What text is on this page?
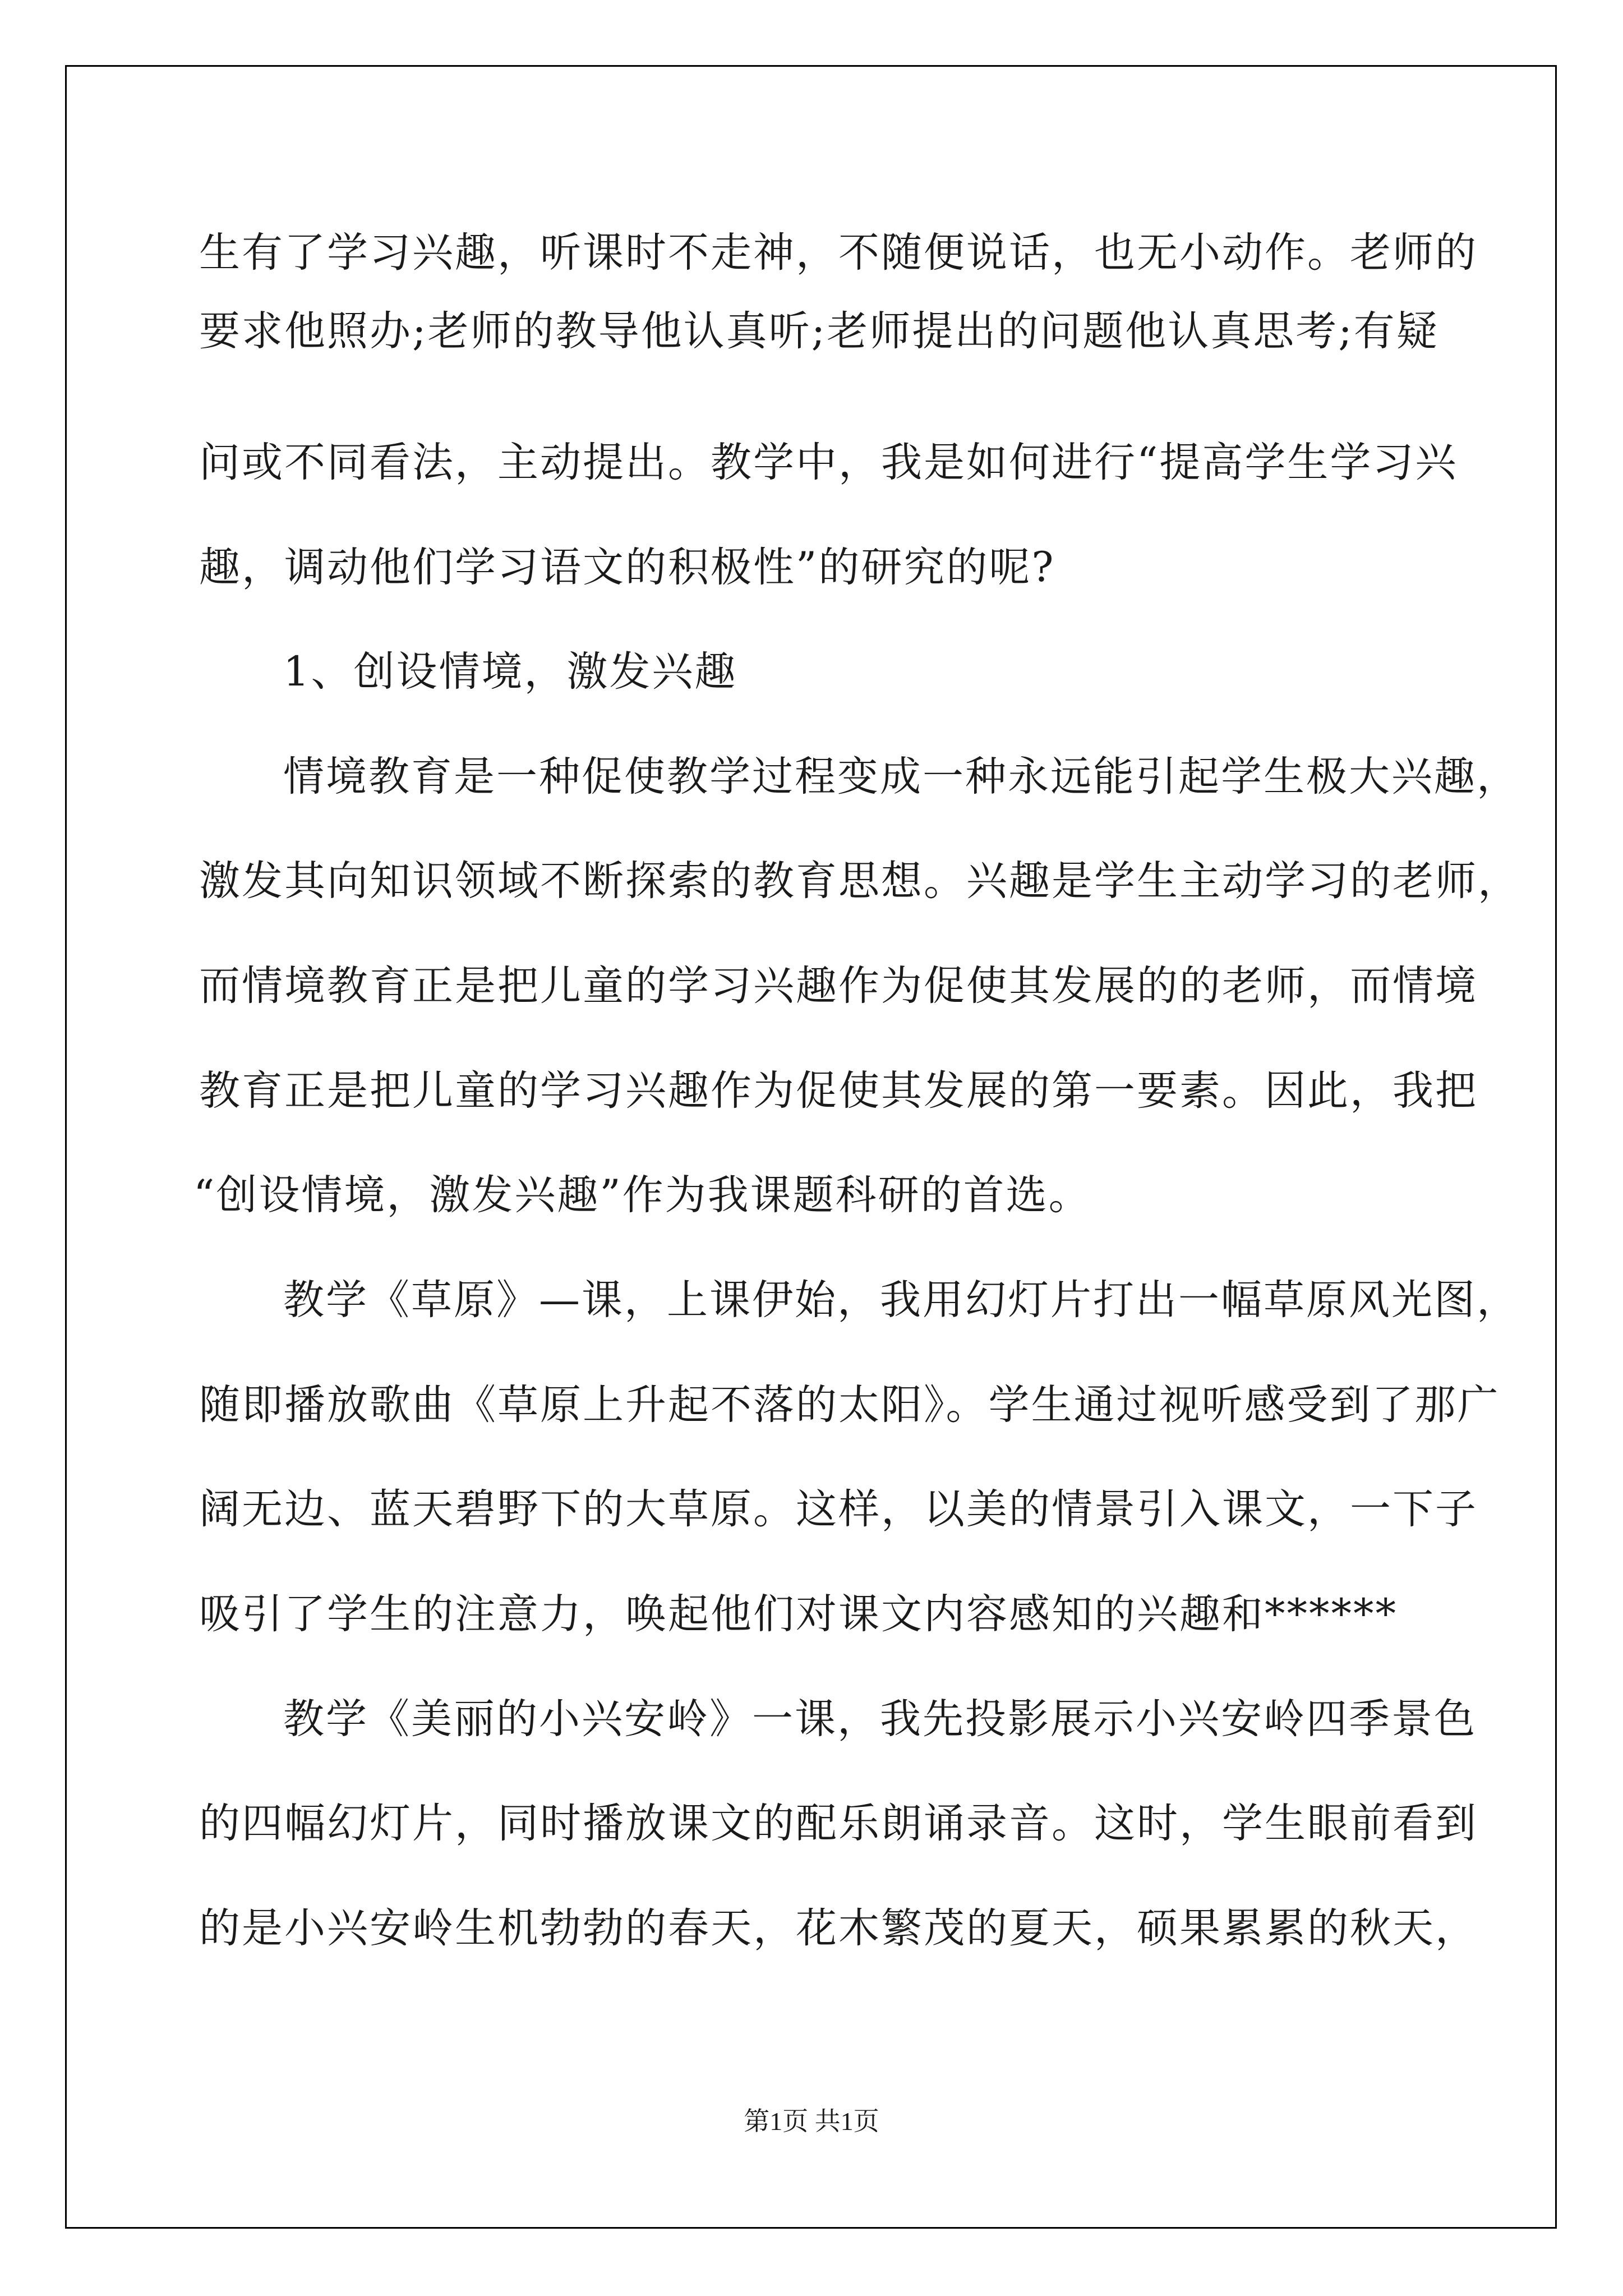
生有了学习兴趣，听课时不走神，不随便说话，也无小动作。老师的
要求他照办;老师的教导他认真听;老师提出的问题他认真思考;有疑
问或不同看法，主动提出。教学中，我是如何进行“提高学生学习兴
趣，调动他们学习语文的积极性”的研究的呢?
1、创设情境，激发兴趣
情境教育是一种促使教学过程变成一种永远能引起学生极大兴趣，
激发其向知识领域不断探索的教育思想。兴趣是学生主动学习的老师，
而情境教育正是把儿童的学习兴趣作为促使其发展的的老师，而情境
教育正是把儿童的学习兴趣作为促使其发展的第一要素。因此，我把
“创设情境，激发兴趣”作为我课题科研的首选。
教学《草原》—课，上课伊始，我用幻灯片打出一幅草原风光图，
随即播放歌曲《草原上升起不落的太阳》。学生通过视听感受到了那广
阔无边、蓝天碧野下的大草原。这样，以美的情景引入课文，一下子
吸引了学生的注意力，唤起他们对课文内容感知的兴趣和******
教学《美丽的小兴安岭》一课，我先投影展示小兴安岭四季景色
的四幅幻灯片，同时播放课文的配乐朗诵录音。这时，学生眼前看到
的是小兴安岭生机勃勃的春天，花木繁茂的夏天，硕果累累的秋天，
第1页 共1页
